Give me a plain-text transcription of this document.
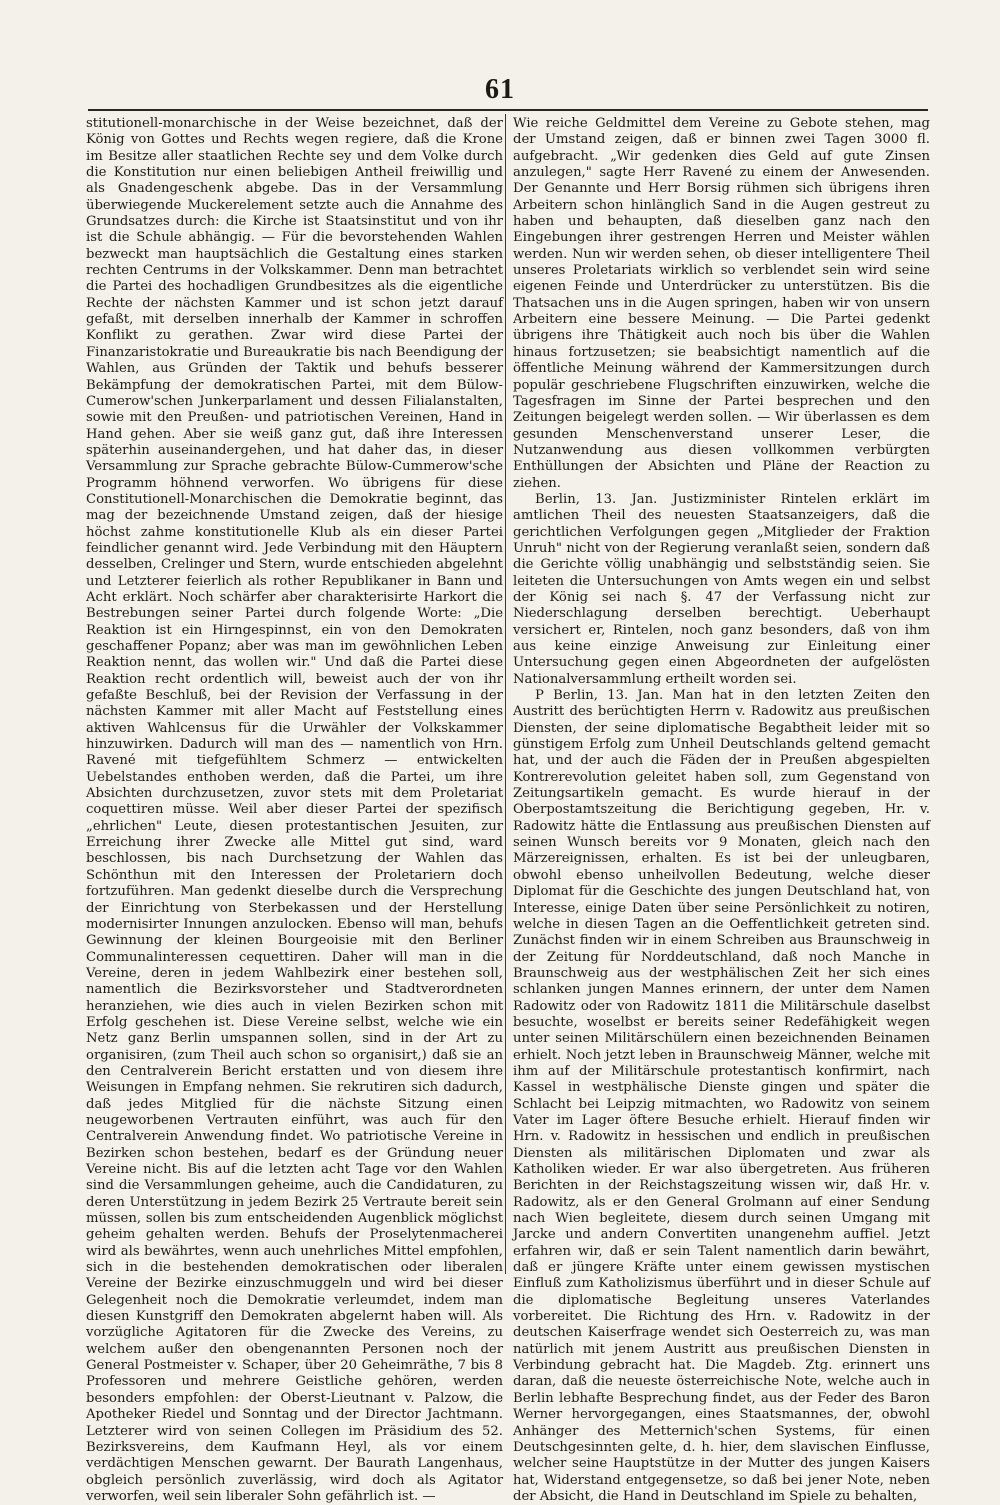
61

stitutionell-monarchische in der Weise bezeichnet, daß der König von Gottes und Rechts wegen regiere, daß die Krone im Besitze aller staatlichen Rechte sey und dem Volke durch die Konstitution nur einen beliebigen Antheil freiwillig und als Gnadengeschenk abgebe. Das in der Versammlung überwiegende Muckerelement setzte auch die Annahme des Grundsatzes durch: die Kirche ist Staatsinstitut und von ihr ist die Schule abhängig. — Für die bevorstehenden Wahlen bezweckt man hauptsächlich die Gestaltung eines starken rechten Centrums in der Volkskammer. Denn man betrachtet die Partei des hochadligen Grundbesitzes als die eigentliche Rechte der nächsten Kammer und ist schon jetzt darauf gefaßt, mit derselben innerhalb der Kammer in schroffen Konflikt zu gerathen. Zwar wird diese Partei der Finanzaristokratie und Bureaukratie bis nach Beendigung der Wahlen, aus Gründen der Taktik und behufs besserer Bekämpfung der demokratischen Partei, mit dem Bülow-Cumerow'schen Junkerparlament und dessen Filialanstalten, sowie mit den Preußen- und patriotischen Vereinen, Hand in Hand gehen. Aber sie weiß ganz gut, daß ihre Interessen späterhin auseinandergehen, und hat daher das, in dieser Versammlung zur Sprache gebrachte Bülow-Cummerow'sche Programm höhnend verworfen. Wo übrigens für diese Constitutionell-Monarchischen die Demokratie beginnt, das mag der bezeichnende Umstand zeigen, daß der hiesige höchst zahme konstitutionelle Klub als ein dieser Partei feindlicher genannt wird. Jede Verbindung mit den Häuptern desselben, Crelinger und Stern, wurde entschieden abgelehnt und Letzterer feierlich als rother Republikaner in Bann und Acht erklärt. Noch schärfer aber charakterisirte Harkort die Bestrebungen seiner Partei durch folgende Worte: „Die Reaktion ist ein Hirngespinnst, ein von den Demokraten geschaffener Popanz; aber was man im gewöhnlichen Leben Reaktion nennt, das wollen wir." Und daß die Partei diese Reaktion recht ordentlich will, beweist auch der von ihr gefaßte Beschluß, bei der Revision der Verfassung in der nächsten Kammer mit aller Macht auf Feststellung eines aktiven Wahlcensus für die Urwähler der Volkskammer hinzuwirken. Dadurch will man des — namentlich von Hrn. Ravené mit tiefgefühltem Schmerz — entwickelten Uebelstandes enthoben werden, daß die Partei, um ihre Absichten durchzusetzen, zuvor stets mit dem Proletariat coquettiren müsse. Weil aber dieser Partei der spezifisch „ehrlichen" Leute, diesen protestantischen Jesuiten, zur Erreichung ihrer Zwecke alle Mittel gut sind, ward beschlossen, bis nach Durchsetzung der Wahlen das Schönthun mit den Interessen der Proletariern doch fortzuführen. Man gedenkt dieselbe durch die Versprechung der Einrichtung von Sterbekassen und der Herstellung modernisirter Innungen anzulocken. Ebenso will man, behufs Gewinnung der kleinen Bourgeoisie mit den Berliner Communalinteressen cequettiren. Daher will man in die Vereine, deren in jedem Wahlbezirk einer bestehen soll, namentlich die Bezirksvorsteher und Stadtverordneten heranziehen, wie dies auch in vielen Bezirken schon mit Erfolg geschehen ist. Diese Vereine selbst, welche wie ein Netz ganz Berlin umspannen sollen, sind in der Art zu organisiren, (zum Theil auch schon so organisirt,) daß sie an den Centralverein Bericht erstatten und von diesem ihre Weisungen in Empfang nehmen. Sie rekrutiren sich dadurch, daß jedes Mitglied für die nächste Sitzung einen neugeworbenen Vertrauten einführt, was auch für den Centralverein Anwendung findet. Wo patriotische Vereine in Bezirken schon bestehen, bedarf es der Gründung neuer Vereine nicht. Bis auf die letzten acht Tage vor den Wahlen sind die Versammlungen geheime, auch die Candidaturen, zu deren Unterstützung in jedem Bezirk 25 Vertraute bereit sein müssen, sollen bis zum entscheidenden Augenblick möglichst geheim gehalten werden. Behufs der Proselytenmacherei wird als bewährtes, wenn auch unehrliches Mittel empfohlen, sich in die bestehenden demokratischen oder liberalen Vereine der Bezirke einzuschmuggeln und wird bei dieser Gelegenheit noch die Demokratie verleumdet, indem man diesen Kunstgriff den Demokraten abgelernt haben will. Als vorzügliche Agitatoren für die Zwecke des Vereins, zu welchem außer den obengenannten Personen noch der General Postmeister v. Schaper, über 20 Geheimräthe, 7 bis 8 Professoren und mehrere Geistliche gehören, werden besonders empfohlen: der Oberst-Lieutnant v. Palzow, die Apotheker Riedel und Sonntag und der Director Jachtmann. Letzterer wird von seinen Collegen im Präsidium des 52. Bezirksvereins, dem Kaufmann Heyl, als vor einem verdächtigen Menschen gewarnt. Der Baurath Langenhaus, obgleich persönlich zuverlässig, wird doch als Agitator verworfen, weil sein liberaler Sohn gefährlich ist. —

Wie reiche Geldmittel dem Vereine zu Gebote stehen, mag der Umstand zeigen, daß er binnen zwei Tagen 3000 fl. aufgebracht. „Wir gedenken dies Geld auf gute Zinsen anzulegen," sagte Herr Ravené zu einem der Anwesenden. Der Genannte und Herr Borsig rühmen sich übrigens ihren Arbeitern schon hinlänglich Sand in die Augen gestreut zu haben und behaupten, daß dieselben ganz nach den Eingebungen ihrer gestrengen Herren und Meister wählen werden. Nun wir werden sehen, ob dieser intelligentere Theil unseres Proletariats wirklich so verblendet sein wird seine eigenen Feinde und Unterdrücker zu unterstützen. Bis die Thatsachen uns in die Augen springen, haben wir von unsern Arbeitern eine bessere Meinung. — Die Partei gedenkt übrigens ihre Thätigkeit auch noch bis über die Wahlen hinaus fortzusetzen; sie beabsichtigt namentlich auf die öffentliche Meinung während der Kammersitzungen durch populär geschriebene Flugschriften einzuwirken, welche die Tagesfragen im Sinne der Partei besprechen und den Zeitungen beigelegt werden sollen. — Wir überlassen es dem gesunden Menschenverstand unserer Leser, die Nutzanwendung aus diesen vollkommen verbürgten Enthüllungen der Absichten und Pläne der Reaction zu ziehen.

Berlin, 13. Jan. Justizminister Rintelen erklärt im amtlichen Theil des neuesten Staatsanzeigers, daß die gerichtlichen Verfolgungen gegen „Mitglieder der Fraktion Unruh" nicht von der Regierung veranlaßt seien, sondern daß die Gerichte völlig unabhängig und selbstständig seien. Sie leiteten die Untersuchungen von Amts wegen ein und selbst der König sei nach §. 47 der Verfassung nicht zur Niederschlagung derselben berechtigt. Ueberhaupt versichert er, Rintelen, noch ganz besonders, daß von ihm aus keine einzige Anweisung zur Einleitung einer Untersuchung gegen einen Abgeordneten der aufgelösten Nationalversammlung ertheilt worden sei.

P Berlin, 13. Jan. Man hat in den letzten Zeiten den Austritt des berüchtigten Herrn v. Radowitz aus preußischen Diensten, der seine diplomatische Begabtheit leider mit so günstigem Erfolg zum Unheil Deutschlands geltend gemacht hat, und der auch die Fäden der in Preußen abgespielten Kontrerevolution geleitet haben soll, zum Gegenstand von Zeitungsartikeln gemacht. Es wurde hierauf in der Oberpostamtszeitung die Berichtigung gegeben, Hr. v. Radowitz hätte die Entlassung aus preußischen Diensten auf seinen Wunsch bereits vor 9 Monaten, gleich nach den Märzereignissen, erhalten. Es ist bei der unleugbaren, obwohl ebenso unheilvollen Bedeutung, welche dieser Diplomat für die Geschichte des jungen Deutschland hat, von Interesse, einige Daten über seine Persönlichkeit zu notiren, welche in diesen Tagen an die Oeffentlichkeit getreten sind. Zunächst finden wir in einem Schreiben aus Braunschweig in der Zeitung für Norddeutschland, daß noch Manche in Braunschweig aus der westphälischen Zeit her sich eines schlanken jungen Mannes erinnern, der unter dem Namen Radowitz oder von Radowitz 1811 die Militärschule daselbst besuchte, woselbst er bereits seiner Redefähigkeit wegen unter seinen Militärschülern einen bezeichnenden Beinamen erhielt. Noch jetzt leben in Braunschweig Männer, welche mit ihm auf der Militärschule protestantisch konfirmirt, nach Kassel in westphälische Dienste gingen und später die Schlacht bei Leipzig mitmachten, wo Radowitz von seinem Vater im Lager öftere Besuche erhielt. Hierauf finden wir Hrn. v. Radowitz in hessischen und endlich in preußischen Diensten als militärischen Diplomaten und zwar als Katholiken wieder. Er war also übergetreten. Aus früheren Berichten in der Reichstagszeitung wissen wir, daß Hr. v. Radowitz, als er den General Grolmann auf einer Sendung nach Wien begleitete, diesem durch seinen Umgang mit Jarcke und andern Convertiten unangenehm auffiel. Jetzt erfahren wir, daß er sein Talent namentlich darin bewährt, daß er jüngere Kräfte unter einem gewissen mystischen Einfluß zum Katholizismus überführt und in dieser Schule auf die diplomatische Begleitung unseres Vaterlandes vorbereitet. Die Richtung des Hrn. v. Radowitz in der deutschen Kaiserfrage wendet sich Oesterreich zu, was man natürlich mit jenem Austritt aus preußischen Diensten in Verbindung gebracht hat. Die Magdeb. Ztg. erinnert uns daran, daß die neueste österreichische Note, welche auch in Berlin lebhafte Besprechung findet, aus der Feder des Baron Werner hervorgegangen, eines Staatsmannes, der, obwohl Anhänger des Metternich'schen Systems, für einen Deutschgesinnten gelte, d. h. hier, dem slavischen Einflusse, welcher seine Hauptstütze in der Mutter des jungen Kaisers hat, Widerstand entgegensetze, so daß bei jener Note, neben der Absicht, die Hand in Deutschland im Spiele zu behalten,
